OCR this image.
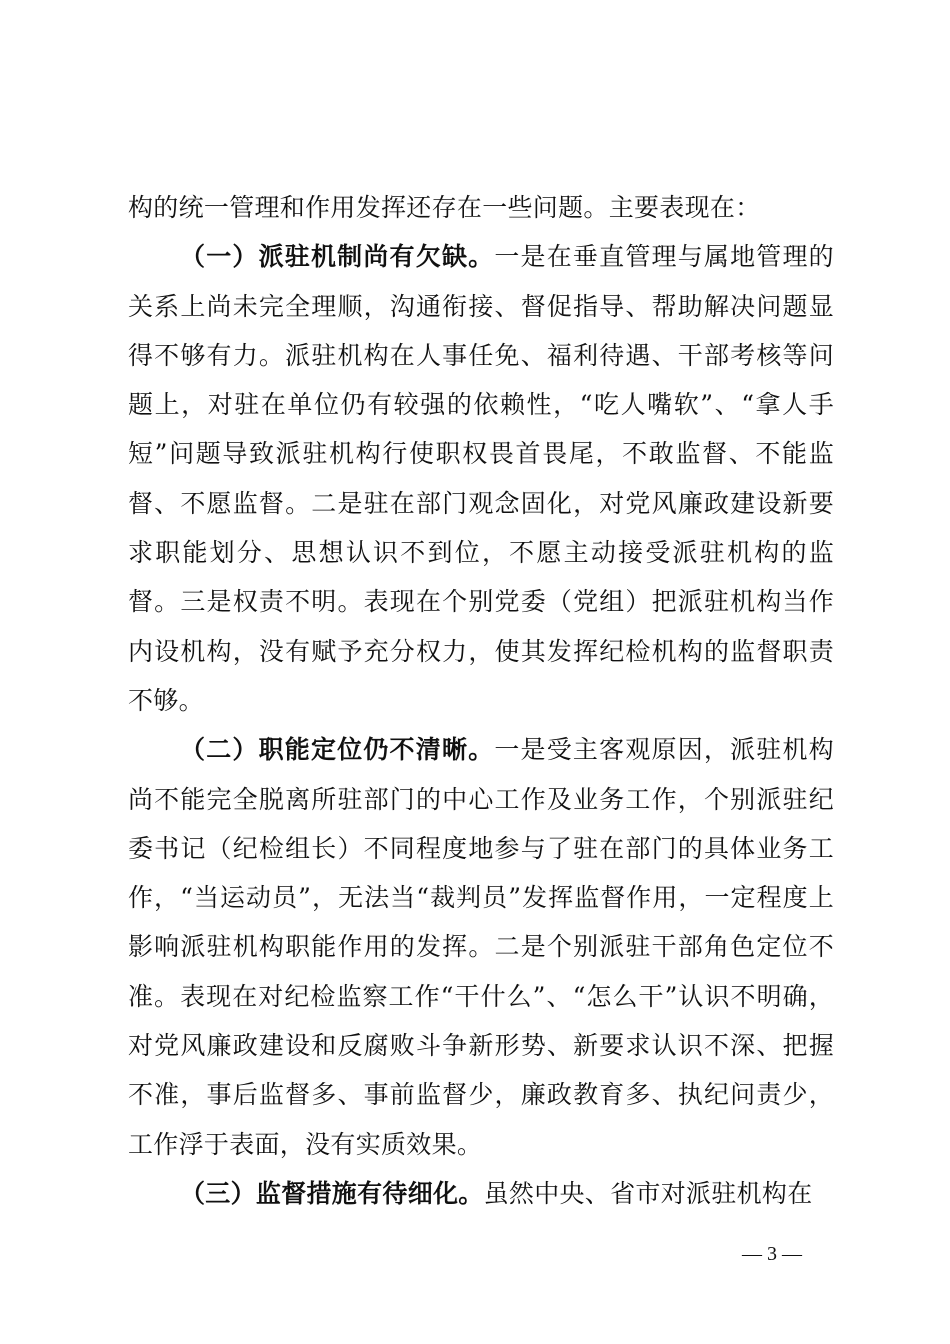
构的统一管理和作用发挥还存在一些问题。主要表现在：

（一）派驻机制尚有欠缺。一是在垂直管理与属地管理的关系上尚未完全理顺，沟通衔接、督促指导、帮助解决问题显得不够有力。派驻机构在人事任免、福利待遇、干部考核等问题上，对驻在单位仍有较强的依赖性，“吃人嘴软”、“拿人手短”问题导致派驻机构行使职权畏首畏尾，不敢监督、不能监督、不愿监督。二是驻在部门观念固化，对党风廉政建设新要求职能划分、思想认识不到位，不愿主动接受派驻机构的监督。三是权责不明。表现在个别党委（党组）把派驻机构当作内设机构，没有赋予充分权力，使其发挥纪检机构的监督职责不够。

（二）职能定位仍不清晰。一是受主客观原因，派驻机构尚不能完全脱离所驻部门的中心工作及业务工作，个别派驻纪委书记（纪检组长）不同程度地参与了驻在部门的具体业务工作，“当运动员”，无法当“裁判员”发挥监督作用，一定程度上影响派驻机构职能作用的发挥。二是个别派驻干部角色定位不准。表现在对纪检监察工作“干什么”、“怎么干”认识不明确，对党风廉政建设和反腐败斗争新形势、新要求认识不深、把握不准，事后监督多、事前监督少，廉政教育多、执纪问责少，工作浮于表面，没有实质效果。

（三）监督措施有待细化。虽然中央、省市对派驻机构在

— 3 —
